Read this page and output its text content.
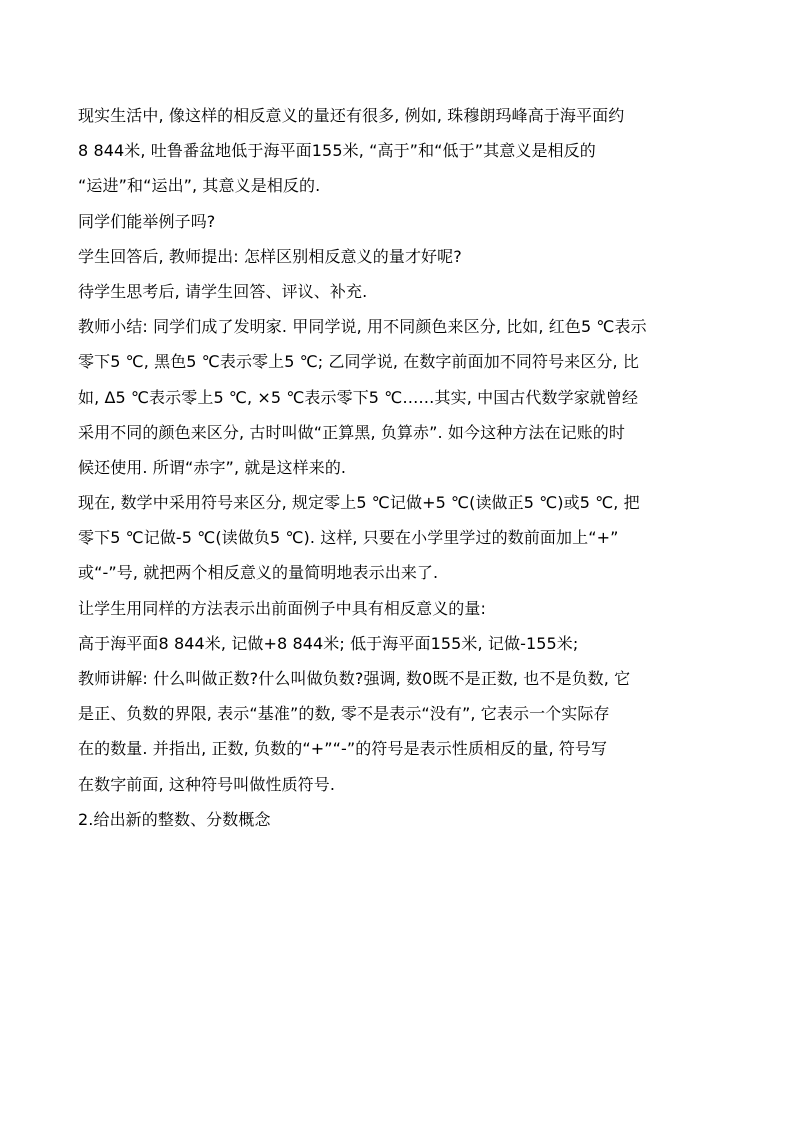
现实生活中, 像这样的相反意义的量还有很多, 例如, 珠穆朗玛峰高于海平面约
8 844米, 吐鲁番盆地低于海平面155米, “高于”和“低于”其意义是相反的
“运进”和“运出”, 其意义是相反的.
同学们能举例子吗?
学生回答后, 教师提出: 怎样区别相反意义的量才好呢?
待学生思考后, 请学生回答、评议、补充.
教师小结: 同学们成了发明家. 甲同学说, 用不同颜色来区分, 比如, 红色5 ℃表示
零下5 ℃, 黑色5 ℃表示零上5 ℃; 乙同学说, 在数字前面加不同符号来区分, 比
如, Δ5 ℃表示零上5 ℃, ×5 ℃表示零下5 ℃……其实, 中国古代数学家就曾经
采用不同的颜色来区分, 古时叫做“正算黑, 负算赤”. 如今这种方法在记账的时
候还使用. 所谓“赤字”, 就是这样来的.
现在, 数学中采用符号来区分, 规定零上5 ℃记做+5 ℃(读做正5 ℃)或5 ℃, 把
零下5 ℃记做-5 ℃(读做负5 ℃). 这样, 只要在小学里学过的数前面加上“+”
或“-”号, 就把两个相反意义的量简明地表示出来了.
让学生用同样的方法表示出前面例子中具有相反意义的量:
高于海平面8 844米, 记做+8 844米; 低于海平面155米, 记做-155米;
教师讲解: 什么叫做正数?什么叫做负数?强调, 数0既不是正数, 也不是负数, 它
是正、负数的界限, 表示“基准”的数, 零不是表示“没有”, 它表示一个实际存
在的数量. 并指出, 正数, 负数的“+”“-”的符号是表示性质相反的量, 符号写
在数字前面, 这种符号叫做性质符号.
2.给出新的整数、分数概念
